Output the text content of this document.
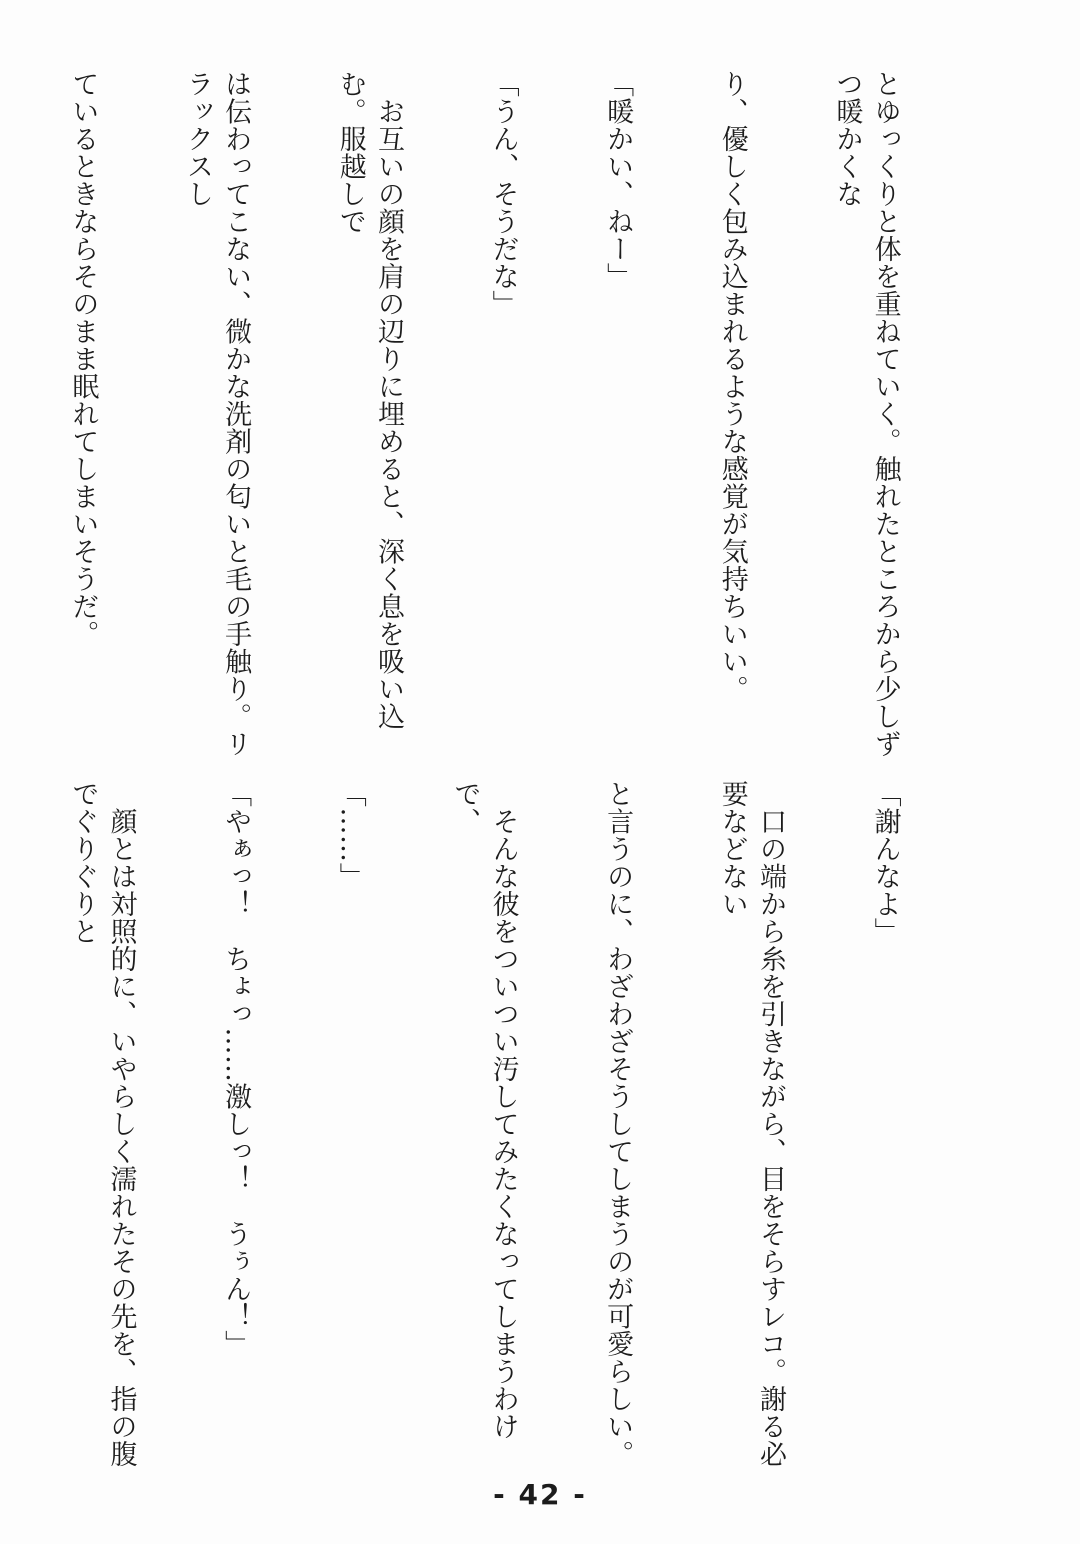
とゆっくりと体を重ねていく。触れたところから少しずつ暖かくな

り、優しく包み込まれるような感覚が気持ちいい。

「暖かい、ねー」

「うん、そうだな」

　お互いの顔を肩の辺りに埋めると、深く息を吸い込む。服越しで

は伝わってこない、微かな洗剤の匂いと毛の手触り。リラックスし

ているときならそのまま眠れてしまいそうだ。

「謝んなよ」

　口の端から糸を引きながら、目をそらすレコ。謝る必要などない

と言うのに、わざわざそうしてしまうのが可愛らしい。

　そんな彼をついつい汚してみたくなってしまうわけで、

「……」

「やぁっ！　ちょっ……激しっ！　うぅん！」

　顔とは対照的に、いやらしく濡れたその先を、指の腹でぐりぐりと

- 42 -
